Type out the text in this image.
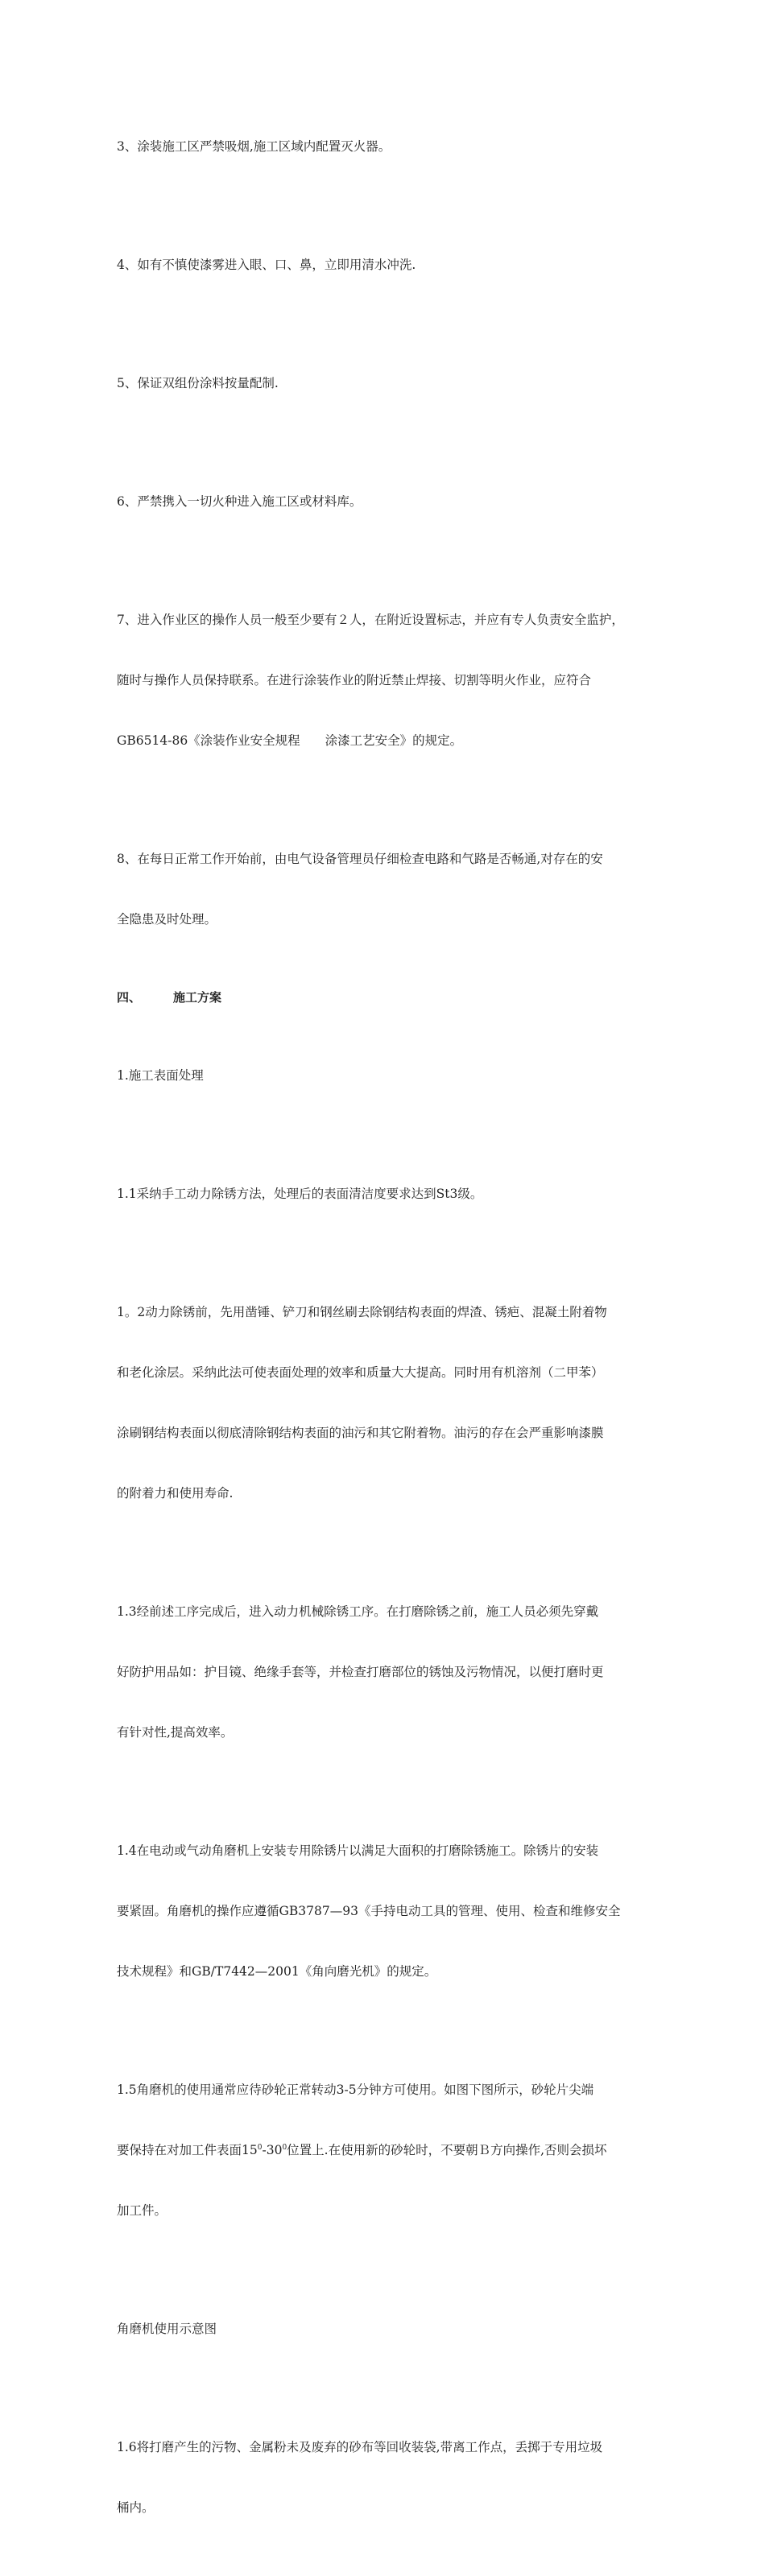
3、涂装施工区严禁吸烟,施工区域内配置灭火器。

4、如有不慎使漆雾进入眼、口、鼻，立即用清水冲洗.

5、保证双组份涂料按量配制.

6、严禁携入一切火种进入施工区或材料库。

7、进入作业区的操作人员一般至少要有２人，在附近设置标志，并应有专人负责安全监护，

随时与操作人员保持联系。在进行涂装作业的附近禁止焊接、切割等明火作业，应符合

GB6514-86《涂装作业安全规程　　涂漆工艺安全》的规定。

8、在每日正常工作开始前，由电气设备管理员仔细检查电路和气路是否畅通,对存在的安

全隐患及时处理。

四、	施工方案

1.施工表面处理

1.1采纳手工动力除锈方法，处理后的表面清洁度要求达到St3级。

1。2动力除锈前，先用凿锤、铲刀和钢丝刷去除钢结构表面的焊渣、锈疤、混凝土附着物

和老化涂层。采纳此法可使表面处理的效率和质量大大提高。同时用有机溶剂（二甲苯）

涂刷钢结构表面以彻底清除钢结构表面的油污和其它附着物。油污的存在会严重影响漆膜

的附着力和使用寿命.

1.3经前述工序完成后，进入动力机械除锈工序。在打磨除锈之前，施工人员必须先穿戴

好防护用品如：护目镜、绝缘手套等，并检查打磨部位的锈蚀及污物情况，以便打磨时更

有针对性,提高效率。

1.4在电动或气动角磨机上安装专用除锈片以满足大面积的打磨除锈施工。除锈片的安装

要紧固。角磨机的操作应遵循GB3787—93《手持电动工具的管理、使用、检查和维修安全

技术规程》和GB/T7442—2001《角向磨光机》的规定。

1.5角磨机的使用通常应待砂轮正常转动3-5分钟方可使用。如图下图所示，砂轮片尖端

要保持在对加工件表面$15^0-30^0$位置上.在使用新的砂轮时，不要朝Ｂ方向操作,否则会损坏

加工件。

角磨机使用示意图

1.6将打磨产生的污物、金属粉未及废弃的砂布等回收装袋,带离工作点，丢掷于专用垃圾

桶内。
